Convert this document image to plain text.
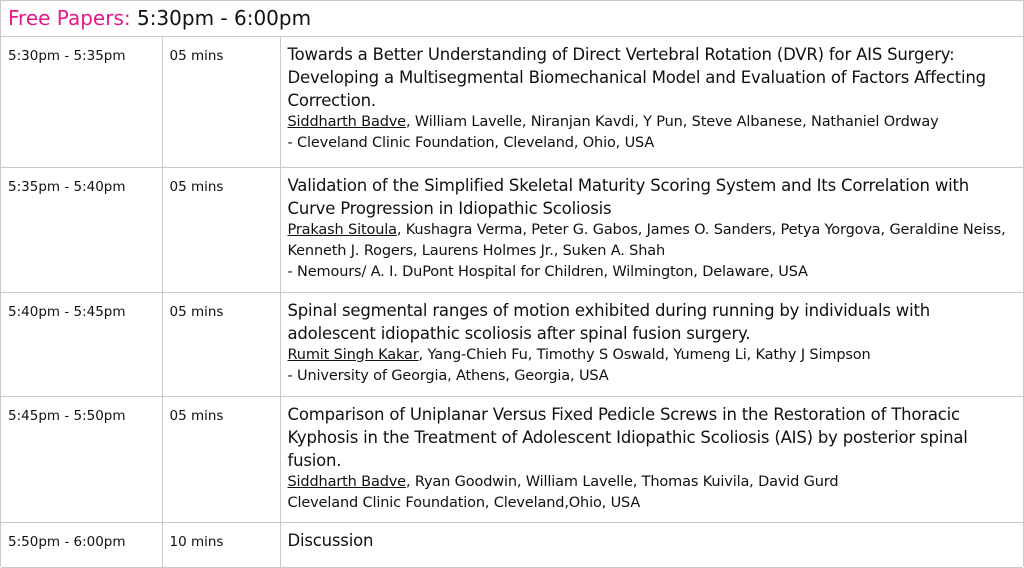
Free Papers: 5:30pm - 6:00pm
5:30pm - 5:35pm	05 mins	Towards a Better Understanding of Direct Vertebral Rotation (DVR) for AIS Surgery: Developing a Multisegmental Biomechanical Model and Evaluation of Factors Affecting Correction.
Siddharth Badve, William Lavelle, Niranjan Kavdi, Y Pun, Steve Albanese, Nathaniel Ordway
- Cleveland Clinic Foundation, Cleveland, Ohio, USA

5:35pm - 5:40pm	05 mins	Validation of the Simplified Skeletal Maturity Scoring System and Its Correlation with Curve Progression in Idiopathic Scoliosis
Prakash Sitoula, Kushagra Verma, Peter G. Gabos, James O. Sanders, Petya Yorgova, Geraldine Neiss, Kenneth J. Rogers, Laurens Holmes Jr., Suken A. Shah
- Nemours/ A. I. DuPont Hospital for Children, Wilmington, Delaware, USA

5:40pm - 5:45pm	05 mins	Spinal segmental ranges of motion exhibited during running by individuals with adolescent idiopathic scoliosis after spinal fusion surgery.
Rumit Singh Kakar, Yang-Chieh Fu, Timothy S Oswald, Yumeng Li, Kathy J Simpson
- University of Georgia, Athens, Georgia, USA

5:45pm - 5:50pm	05 mins	Comparison of Uniplanar Versus Fixed Pedicle Screws in the Restoration of Thoracic Kyphosis in the Treatment of Adolescent Idiopathic Scoliosis (AIS) by posterior spinal fusion.
Siddharth Badve, Ryan Goodwin, William Lavelle, Thomas Kuivila, David Gurd
Cleveland Clinic Foundation, Cleveland,Ohio, USA

5:50pm - 6:00pm	10 mins	Discussion
